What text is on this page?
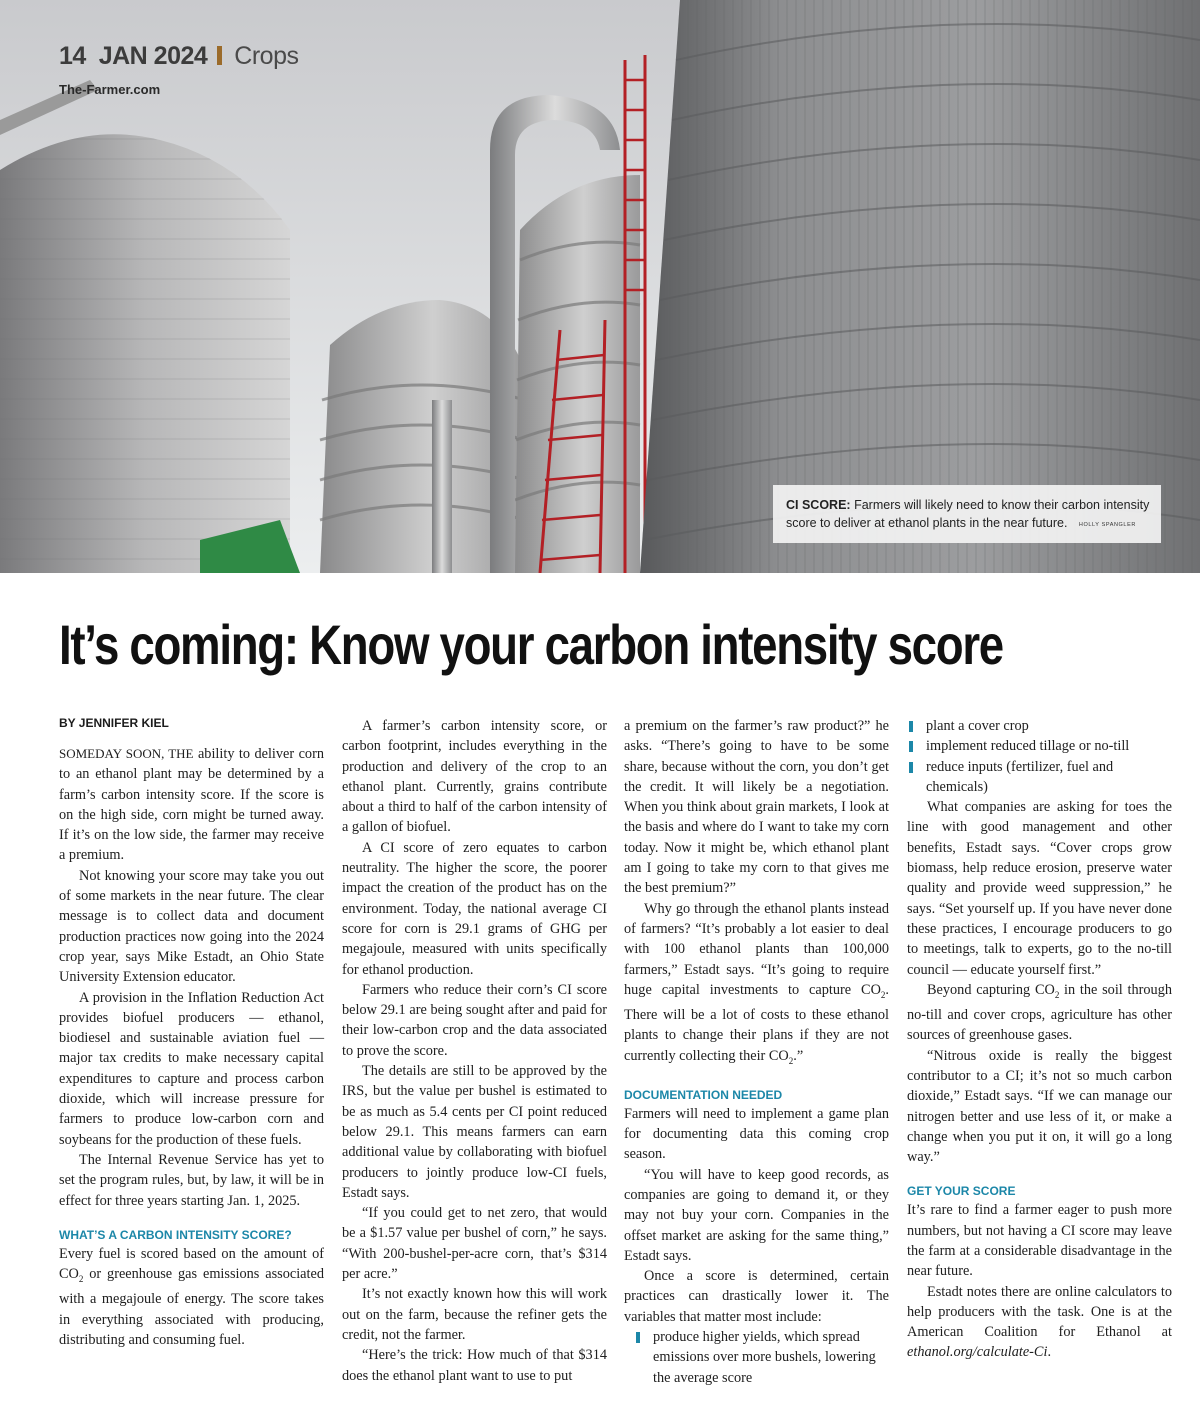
14 JAN 2024 Crops
The-Farmer.com
CI SCORE: Farmers will likely need to know their carbon intensity score to deliver at ethanol plants in the near future. HOLLY SPANGLER
It’s coming: Know your carbon intensity score
BY JENNIFER KIEL

SOMEDAY SOON, THE ability to deliver corn to an ethanol plant may be determined by a farm’s carbon intensity score. If the score is on the high side, corn might be turned away. If it’s on the low side, the farmer may receive a premium.

Not knowing your score may take you out of some markets in the near future. The clear message is to collect data and document production practices now going into the 2024 crop year, says Mike Estadt, an Ohio State University Extension educator.

A provision in the Inflation Reduction Act provides biofuel producers — ethanol, biodiesel and sustainable aviation fuel — major tax credits to make necessary capital expenditures to capture and process carbon dioxide, which will increase pressure for farmers to produce low-carbon corn and soybeans for the production of these fuels.

The Internal Revenue Service has yet to set the program rules, but, by law, it will be in effect for three years starting Jan. 1, 2025.

WHAT’S A CARBON INTENSITY SCORE?

Every fuel is scored based on the amount of $CO_2$ or greenhouse gas emissions associated with a megajoule of energy. The score takes in everything associated with producing, distributing and consuming fuel.

A farmer’s carbon intensity score, or carbon footprint, includes everything in the production and delivery of the crop to an ethanol plant. Currently, grains contribute about a third to half of the carbon intensity of a gallon of biofuel.

A CI score of zero equates to carbon neutrality. The higher the score, the poorer impact the creation of the product has on the environment. Today, the national average CI score for corn is 29.1 grams of GHG per megajoule, measured with units specifically for ethanol production.

Farmers who reduce their corn’s CI score below 29.1 are being sought after and paid for their low-carbon crop and the data associated to prove the score.

The details are still to be approved by the IRS, but the value per bushel is estimated to be as much as 5.4 cents per CI point reduced below 29.1. This means farmers can earn additional value by collaborating with biofuel producers to jointly produce low-CI fuels, Estadt says.

“If you could get to net zero, that would be a $1.57 value per bushel of corn,” he says. “With 200-bushel-per-acre corn, that’s $314 per acre.”

It’s not exactly known how this will work out on the farm, because the refiner gets the credit, not the farmer.

“Here’s the trick: How much of that $314 does the ethanol plant want to use to put

a premium on the farmer’s raw product?” he asks. “There’s going to have to be some share, because without the corn, you don’t get the credit. It will likely be a negotiation. When you think about grain markets, I look at the basis and where do I want to take my corn today. Now it might be, which ethanol plant am I going to take my corn to that gives me the best premium?”

Why go through the ethanol plants instead of farmers? “It’s probably a lot easier to deal with 100 ethanol plants than 100,000 farmers,” Estadt says. “It’s going to require huge capital investments to capture $CO_2$. There will be a lot of costs to these ethanol plants to change their plans if they are not currently collecting their $CO_2$.”

DOCUMENTATION NEEDED

Farmers will need to implement a game plan for documenting data this coming crop season.

“You will have to keep good records, as companies are going to demand it, or they may not buy your corn. Companies in the offset market are asking for the same thing,” Estadt says.

Once a score is determined, certain practices can drastically lower it. The variables that matter most include:

produce higher yields, which spread emissions over more bushels, lowering the average score
plant a cover crop
implement reduced tillage or no-till
reduce inputs (fertilizer, fuel and chemicals)

What companies are asking for toes the line with good management and other benefits, Estadt says. “Cover crops grow biomass, help reduce erosion, preserve water quality and provide weed suppression,” he says. “Set yourself up. If you have never done these practices, I encourage producers to go to meetings, talk to experts, go to the no-till council — educate yourself first.”

Beyond capturing $CO_2$ in the soil through no-till and cover crops, agriculture has other sources of greenhouse gases.

“Nitrous oxide is really the biggest contributor to a CI; it’s not so much carbon dioxide,” Estadt says. “If we can manage our nitrogen better and use less of it, or make a change when you put it on, it will go a long way.”

GET YOUR SCORE

It’s rare to find a farmer eager to push more numbers, but not having a CI score may leave the farm at a considerable disadvantage in the near future.

Estadt notes there are online calculators to help producers with the task. One is at the American Coalition for Ethanol at ethanol.org/calculate-Ci.
